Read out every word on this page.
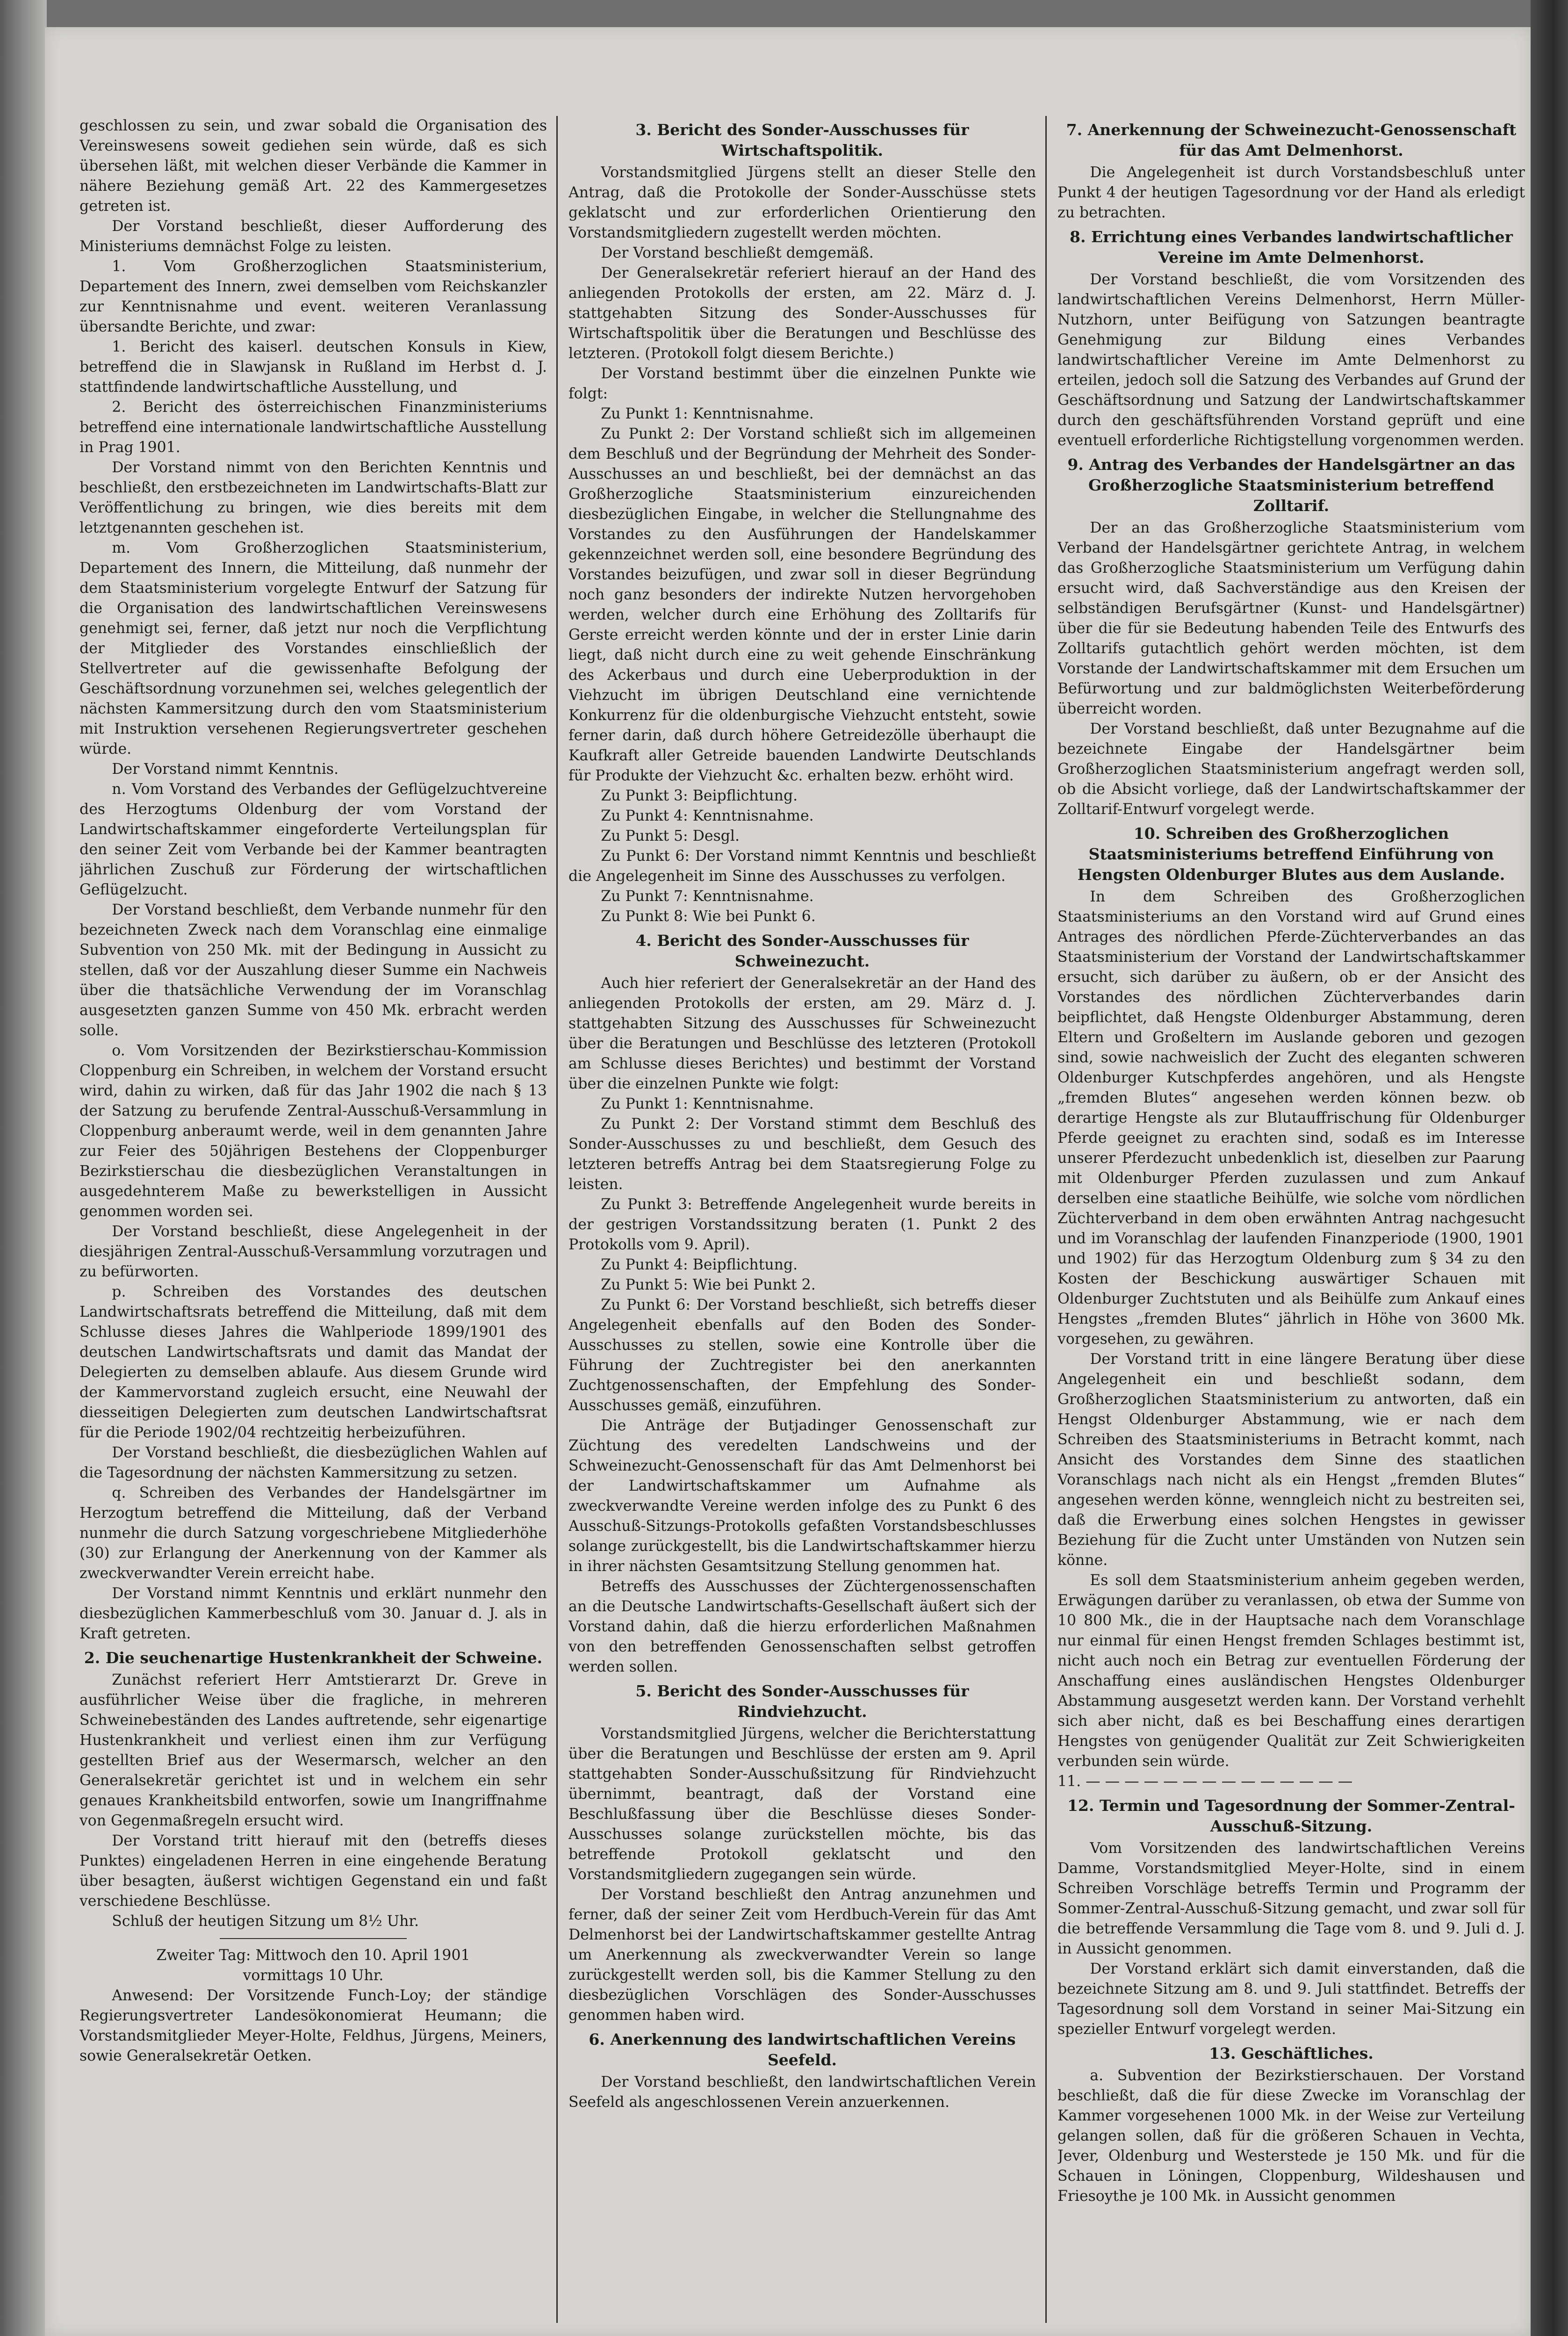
geschlossen zu sein, und zwar sobald die Organisation des Vereinswesens soweit gediehen sein würde, daß es sich übersehen läßt, mit welchen dieser Verbände die Kammer in nähere Beziehung gemäß Art. 22 des Kammergesetzes getreten ist.

Der Vorstand beschließt, dieser Aufforderung des Ministeriums demnächst Folge zu leisten.

1. Vom Großherzoglichen Staatsministerium, Departement des Innern, zwei demselben vom Reichskanzler zur Kenntnisnahme und event. weiteren Veranlassung übersandte Berichte, und zwar:

1. Bericht des kaiserl. deutschen Konsuls in Kiew, betreffend die in Slawjansk in Rußland im Herbst d. J. stattfindende landwirtschaftliche Ausstellung, und

2. Bericht des österreichischen Finanzministeriums betreffend eine internationale landwirtschaftliche Ausstellung in Prag 1901.

Der Vorstand nimmt von den Berichten Kenntnis und beschließt, den erstbezeichneten im Landwirtschafts-Blatt zur Veröffentlichung zu bringen, wie dies bereits mit dem letztgenannten geschehen ist.

m. Vom Großherzoglichen Staatsministerium, Departement des Innern, die Mitteilung, daß nunmehr der dem Staatsministerium vorgelegte Entwurf der Satzung für die Organisation des landwirtschaftlichen Vereinswesens genehmigt sei, ferner, daß jetzt nur noch die Verpflichtung der Mitglieder des Vorstandes einschließlich der Stellvertreter auf die gewissenhafte Befolgung der Geschäftsordnung vorzunehmen sei, welches gelegentlich der nächsten Kammersitzung durch den vom Staatsministerium mit Instruktion versehenen Regierungsvertreter geschehen würde.

Der Vorstand nimmt Kenntnis.

n. Vom Vorstand des Verbandes der Geflügelzuchtvereine des Herzogtums Oldenburg der vom Vorstand der Landwirtschaftskammer eingeforderte Verteilungsplan für den seiner Zeit vom Verbande bei der Kammer beantragten jährlichen Zuschuß zur Förderung der wirtschaftlichen Geflügelzucht.

Der Vorstand beschließt, dem Verbande nunmehr für den bezeichneten Zweck nach dem Voranschlag eine einmalige Subvention von 250 Mk. mit der Bedingung in Aussicht zu stellen, daß vor der Auszahlung dieser Summe ein Nachweis über die thatsächliche Verwendung der im Voranschlag ausgesetzten ganzen Summe von 450 Mk. erbracht werden solle.

o. Vom Vorsitzenden der Bezirkstierschau-Kommission Cloppenburg ein Schreiben, in welchem der Vorstand ersucht wird, dahin zu wirken, daß für das Jahr 1902 die nach § 13 der Satzung zu berufende Zentral-Ausschuß-Versammlung in Cloppenburg anberaumt werde, weil in dem genannten Jahre zur Feier des 50jährigen Bestehens der Cloppenburger Bezirkstierschau die diesbezüglichen Veranstaltungen in ausgedehnterem Maße zu bewerkstelligen in Aussicht genommen worden sei.

Der Vorstand beschließt, diese Angelegenheit in der diesjährigen Zentral-Ausschuß-Versammlung vorzutragen und zu befürworten.

p. Schreiben des Vorstandes des deutschen Landwirtschaftsrats betreffend die Mitteilung, daß mit dem Schlusse dieses Jahres die Wahlperiode 1899/1901 des deutschen Landwirtschaftsrats und damit das Mandat der Delegierten zu demselben ablaufe. Aus diesem Grunde wird der Kammervorstand zugleich ersucht, eine Neuwahl der diesseitigen Delegierten zum deutschen Landwirtschaftsrat für die Periode 1902/04 rechtzeitig herbeizuführen.

Der Vorstand beschließt, die diesbezüglichen Wahlen auf die Tagesordnung der nächsten Kammersitzung zu setzen.

q. Schreiben des Verbandes der Handelsgärtner im Herzogtum betreffend die Mitteilung, daß der Verband nunmehr die durch Satzung vorgeschriebene Mitgliederhöhe (30) zur Erlangung der Anerkennung von der Kammer als zweckverwandter Verein erreicht habe.

Der Vorstand nimmt Kenntnis und erklärt nunmehr den diesbezüglichen Kammerbeschluß vom 30. Januar d. J. als in Kraft getreten.

2. Die seuchenartige Hustenkrankheit der Schweine.

Zunächst referiert Herr Amtstierarzt Dr. Greve in ausführlicher Weise über die fragliche, in mehreren Schweinebeständen des Landes auftretende, sehr eigenartige Hustenkrankheit und verliest einen ihm zur Verfügung gestellten Brief aus der Wesermarsch, welcher an den Generalsekretär gerichtet ist und in welchem ein sehr genaues Krankheitsbild entworfen, sowie um Inangriffnahme von Gegenmaßregeln ersucht wird.

Der Vorstand tritt hierauf mit den (betreffs dieses Punktes) eingeladenen Herren in eine eingehende Beratung über besagten, äußerst wichtigen Gegenstand ein und faßt verschiedene Beschlüsse.

Schluß der heutigen Sitzung um 8½ Uhr.

Zweiter Tag: Mittwoch den 10. April 1901

vormittags 10 Uhr.

Anwesend: Der Vorsitzende Funch-Loy; der ständige Regierungsvertreter Landesökonomierat Heumann; die Vorstandsmitglieder Meyer-Holte, Feldhus, Jürgens, Meiners, sowie Generalsekretär Oetken.

3. Bericht des Sonder-Ausschusses für Wirtschaftspolitik.

Vorstandsmitglied Jürgens stellt an dieser Stelle den Antrag, daß die Protokolle der Sonder-Ausschüsse stets geklatscht und zur erforderlichen Orientierung den Vorstandsmitgliedern zugestellt werden möchten.

Der Vorstand beschließt demgemäß.

Der Generalsekretär referiert hierauf an der Hand des anliegenden Protokolls der ersten, am 22. März d. J. stattgehabten Sitzung des Sonder-Ausschusses für Wirtschaftspolitik über die Beratungen und Beschlüsse des letzteren. (Protokoll folgt diesem Berichte.)

Der Vorstand bestimmt über die einzelnen Punkte wie folgt:

Zu Punkt 1: Kenntnisnahme.

Zu Punkt 2: Der Vorstand schließt sich im allgemeinen dem Beschluß und der Begründung der Mehrheit des Sonder-Ausschusses an und beschließt, bei der demnächst an das Großherzogliche Staatsministerium einzureichenden diesbezüglichen Eingabe, in welcher die Stellungnahme des Vorstandes zu den Ausführungen der Handelskammer gekennzeichnet werden soll, eine besondere Begründung des Vorstandes beizufügen, und zwar soll in dieser Begründung noch ganz besonders der indirekte Nutzen hervorgehoben werden, welcher durch eine Erhöhung des Zolltarifs für Gerste erreicht werden könnte und der in erster Linie darin liegt, daß nicht durch eine zu weit gehende Einschränkung des Ackerbaus und durch eine Ueberproduktion in der Viehzucht im übrigen Deutschland eine vernichtende Konkurrenz für die oldenburgische Viehzucht entsteht, sowie ferner darin, daß durch höhere Getreidezölle überhaupt die Kaufkraft aller Getreide bauenden Landwirte Deutschlands für Produkte der Viehzucht &c. erhalten bezw. erhöht wird.

Zu Punkt 3: Beipflichtung.

Zu Punkt 4: Kenntnisnahme.

Zu Punkt 5: Desgl.

Zu Punkt 6: Der Vorstand nimmt Kenntnis und beschließt die Angelegenheit im Sinne des Ausschusses zu verfolgen.

Zu Punkt 7: Kenntnisnahme.

Zu Punkt 8: Wie bei Punkt 6.

4. Bericht des Sonder-Ausschusses für Schweinezucht.

Auch hier referiert der Generalsekretär an der Hand des anliegenden Protokolls der ersten, am 29. März d. J. stattgehabten Sitzung des Ausschusses für Schweinezucht über die Beratungen und Beschlüsse des letzteren (Protokoll am Schlusse dieses Berichtes) und bestimmt der Vorstand über die einzelnen Punkte wie folgt:

Zu Punkt 1: Kenntnisnahme.

Zu Punkt 2: Der Vorstand stimmt dem Beschluß des Sonder-Ausschusses zu und beschließt, dem Gesuch des letzteren betreffs Antrag bei dem Staatsregierung Folge zu leisten.

Zu Punkt 3: Betreffende Angelegenheit wurde bereits in der gestrigen Vorstandssitzung beraten (1. Punkt 2 des Protokolls vom 9. April).

Zu Punkt 4: Beipflichtung.

Zu Punkt 5: Wie bei Punkt 2.

Zu Punkt 6: Der Vorstand beschließt, sich betreffs dieser Angelegenheit ebenfalls auf den Boden des Sonder-Ausschusses zu stellen, sowie eine Kontrolle über die Führung der Zuchtregister bei den anerkannten Zuchtgenossenschaften, der Empfehlung des Sonder-Ausschusses gemäß, einzuführen.

Die Anträge der Butjadinger Genossenschaft zur Züchtung des veredelten Landschweins und der Schweinezucht-Genossenschaft für das Amt Delmenhorst bei der Landwirtschaftskammer um Aufnahme als zweckverwandte Vereine werden infolge des zu Punkt 6 des Ausschuß-Sitzungs-Protokolls gefaßten Vorstandsbeschlusses solange zurückgestellt, bis die Landwirtschaftskammer hierzu in ihrer nächsten Gesamtsitzung Stellung genommen hat.

Betreffs des Ausschusses der Züchtergenossenschaften an die Deutsche Landwirtschafts-Gesellschaft äußert sich der Vorstand dahin, daß die hierzu erforderlichen Maßnahmen von den betreffenden Genossenschaften selbst getroffen werden sollen.

5. Bericht des Sonder-Ausschusses für Rindviehzucht.

Vorstandsmitglied Jürgens, welcher die Berichterstattung über die Beratungen und Beschlüsse der ersten am 9. April stattgehabten Sonder-Ausschußsitzung für Rindviehzucht übernimmt, beantragt, daß der Vorstand eine Beschlußfassung über die Beschlüsse dieses Sonder-Ausschusses solange zurückstellen möchte, bis das betreffende Protokoll geklatscht und den Vorstandsmitgliedern zugegangen sein würde.

Der Vorstand beschließt den Antrag anzunehmen und ferner, daß der seiner Zeit vom Herdbuch-Verein für das Amt Delmenhorst bei der Landwirtschaftskammer gestellte Antrag um Anerkennung als zweckverwandter Verein so lange zurückgestellt werden soll, bis die Kammer Stellung zu den diesbezüglichen Vorschlägen des Sonder-Ausschusses genommen haben wird.

6. Anerkennung des landwirtschaftlichen Vereins Seefeld.

Der Vorstand beschließt, den landwirtschaftlichen Verein Seefeld als angeschlossenen Verein anzuerkennen.

7. Anerkennung der Schweinezucht-Genossenschaft für das Amt Delmenhorst.

Die Angelegenheit ist durch Vorstandsbeschluß unter Punkt 4 der heutigen Tagesordnung vor der Hand als erledigt zu betrachten.

8. Errichtung eines Verbandes landwirtschaftlicher Vereine im Amte Delmenhorst.

Der Vorstand beschließt, die vom Vorsitzenden des landwirtschaftlichen Vereins Delmenhorst, Herrn Müller-Nutzhorn, unter Beifügung von Satzungen beantragte Genehmigung zur Bildung eines Verbandes landwirtschaftlicher Vereine im Amte Delmenhorst zu erteilen, jedoch soll die Satzung des Verbandes auf Grund der Geschäftsordnung und Satzung der Landwirtschaftskammer durch den geschäftsführenden Vorstand geprüft und eine eventuell erforderliche Richtigstellung vorgenommen werden.

9. Antrag des Verbandes der Handelsgärtner an das Großherzogliche Staatsministerium betreffend Zolltarif.

Der an das Großherzogliche Staatsministerium vom Verband der Handelsgärtner gerichtete Antrag, in welchem das Großherzogliche Staatsministerium um Verfügung dahin ersucht wird, daß Sachverständige aus den Kreisen der selbständigen Berufsgärtner (Kunst- und Handelsgärtner) über die für sie Bedeutung habenden Teile des Entwurfs des Zolltarifs gutachtlich gehört werden möchten, ist dem Vorstande der Landwirtschaftskammer mit dem Ersuchen um Befürwortung und zur baldmöglichsten Weiterbeförderung überreicht worden.

Der Vorstand beschließt, daß unter Bezugnahme auf die bezeichnete Eingabe der Handelsgärtner beim Großherzoglichen Staatsministerium angefragt werden soll, ob die Absicht vorliege, daß der Landwirtschaftskammer der Zolltarif-Entwurf vorgelegt werde.

10. Schreiben des Großherzoglichen Staatsministeriums betreffend Einführung von Hengsten Oldenburger Blutes aus dem Auslande.

In dem Schreiben des Großherzoglichen Staatsministeriums an den Vorstand wird auf Grund eines Antrages des nördlichen Pferde-Züchterverbandes an das Staatsministerium der Vorstand der Landwirtschaftskammer ersucht, sich darüber zu äußern, ob er der Ansicht des Vorstandes des nördlichen Züchterverbandes darin beipflichtet, daß Hengste Oldenburger Abstammung, deren Eltern und Großeltern im Auslande geboren und gezogen sind, sowie nachweislich der Zucht des eleganten schweren Oldenburger Kutschpferdes angehören, und als Hengste „fremden Blutes“ angesehen werden können bezw. ob derartige Hengste als zur Blutauffrischung für Oldenburger Pferde geeignet zu erachten sind, sodaß es im Interesse unserer Pferdezucht unbedenklich ist, dieselben zur Paarung mit Oldenburger Pferden zuzulassen und zum Ankauf derselben eine staatliche Beihülfe, wie solche vom nördlichen Züchterverband in dem oben erwähnten Antrag nachgesucht und im Voranschlag der laufenden Finanzperiode (1900, 1901 und 1902) für das Herzogtum Oldenburg zum § 34 zu den Kosten der Beschickung auswärtiger Schauen mit Oldenburger Zuchtstuten und als Beihülfe zum Ankauf eines Hengstes „fremden Blutes“ jährlich in Höhe von 3600 Mk. vorgesehen, zu gewähren.

Der Vorstand tritt in eine längere Beratung über diese Angelegenheit ein und beschließt sodann, dem Großherzoglichen Staatsministerium zu antworten, daß ein Hengst Oldenburger Abstammung, wie er nach dem Schreiben des Staatsministeriums in Betracht kommt, nach Ansicht des Vorstandes dem Sinne des staatlichen Voranschlags nach nicht als ein Hengst „fremden Blutes“ angesehen werden könne, wenngleich nicht zu bestreiten sei, daß die Erwerbung eines solchen Hengstes in gewisser Beziehung für die Zucht unter Umständen von Nutzen sein könne.

Es soll dem Staatsministerium anheim gegeben werden, Erwägungen darüber zu veranlassen, ob etwa der Summe von 10 800 Mk., die in der Hauptsache nach dem Voranschlage nur einmal für einen Hengst fremden Schlages bestimmt ist, nicht auch noch ein Betrag zur eventuellen Förderung der Anschaffung eines ausländischen Hengstes Oldenburger Abstammung ausgesetzt werden kann. Der Vorstand verhehlt sich aber nicht, daß es bei Beschaffung eines derartigen Hengstes von genügender Qualität zur Zeit Schwierigkeiten verbunden sein würde.

11. — — — — — — — — — — — — — —

12. Termin und Tagesordnung der Sommer-Zentral-Ausschuß-Sitzung.

Vom Vorsitzenden des landwirtschaftlichen Vereins Damme, Vorstandsmitglied Meyer-Holte, sind in einem Schreiben Vorschläge betreffs Termin und Programm der Sommer-Zentral-Ausschuß-Sitzung gemacht, und zwar soll für die betreffende Versammlung die Tage vom 8. und 9. Juli d. J. in Aussicht genommen.

Der Vorstand erklärt sich damit einverstanden, daß die bezeichnete Sitzung am 8. und 9. Juli stattfindet. Betreffs der Tagesordnung soll dem Vorstand in seiner Mai-Sitzung ein spezieller Entwurf vorgelegt werden.

13. Geschäftliches.

a. Subvention der Bezirkstierschauen. Der Vorstand beschließt, daß die für diese Zwecke im Voranschlag der Kammer vorgesehenen 1000 Mk. in der Weise zur Verteilung gelangen sollen, daß für die größeren Schauen in Vechta, Jever, Oldenburg und Westerstede je 150 Mk. und für die Schauen in Löningen, Cloppenburg, Wildeshausen und Friesoythe je 100 Mk. in Aussicht genommen
